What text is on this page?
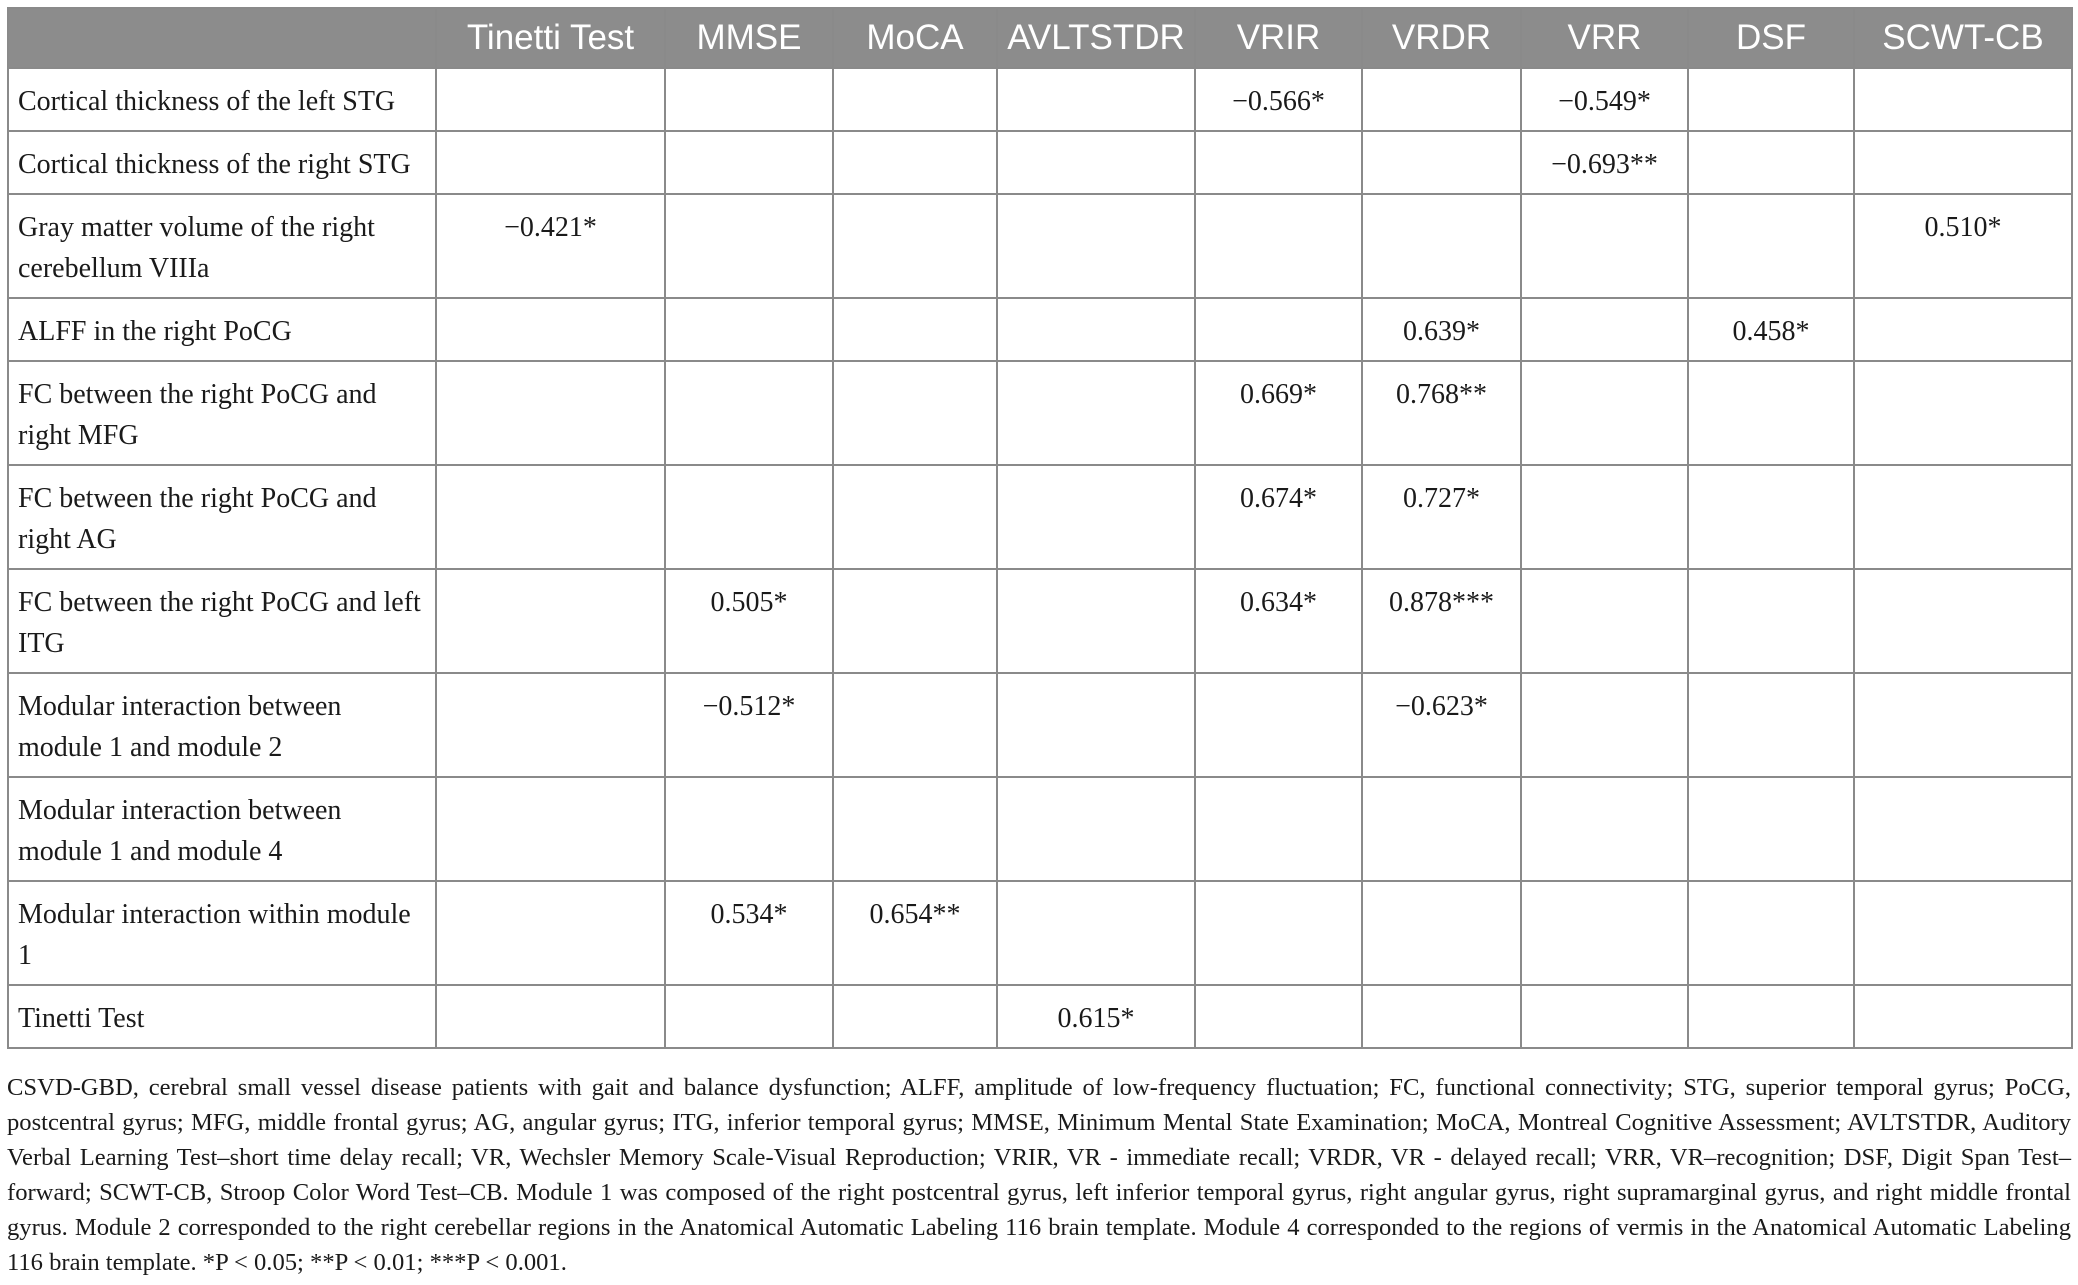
	Tinetti Test	MMSE	MoCA	AVLTSTDR	VRIR	VRDR	VRR	DSF	SCWT-CB
Cortical thickness of the left STG					−0.566*		−0.549*		
Cortical thickness of the right STG							−0.693**		
Gray matter volume of the right cerebellum VIIIa	−0.421*								0.510*
ALFF in the right PoCG						0.639*		0.458*	
FC between the right PoCG and right MFG					0.669*	0.768**			
FC between the right PoCG and right AG					0.674*	0.727*			
FC between the right PoCG and left ITG		0.505*			0.634*	0.878***			
Modular interaction between module 1 and module 2		−0.512*				−0.623*			
Modular interaction between module 1 and module 4									
Modular interaction within module 1		0.534*	0.654**						
Tinetti Test				0.615*					

CSVD-GBD, cerebral small vessel disease patients with gait and balance dysfunction; ALFF, amplitude of low-frequency fluctuation; FC, functional connectivity; STG, superior temporal gyrus; PoCG, postcentral gyrus; MFG, middle frontal gyrus; AG, angular gyrus; ITG, inferior temporal gyrus; MMSE, Minimum Mental State Examination; MoCA, Montreal Cognitive Assessment; AVLTSTDR, Auditory Verbal Learning Test–short time delay recall; VR, Wechsler Memory Scale-Visual Reproduction; VRIR, VR - immediate recall; VRDR, VR - delayed recall; VRR, VR–recognition; DSF, Digit Span Test–forward; SCWT-CB, Stroop Color Word Test–CB. Module 1 was composed of the right postcentral gyrus, left inferior temporal gyrus, right angular gyrus, right supramarginal gyrus, and right middle frontal gyrus. Module 2 corresponded to the right cerebellar regions in the Anatomical Automatic Labeling 116 brain template. Module 4 corresponded to the regions of vermis in the Anatomical Automatic Labeling 116 brain template. *P < 0.05; **P < 0.01; ***P < 0.001.
